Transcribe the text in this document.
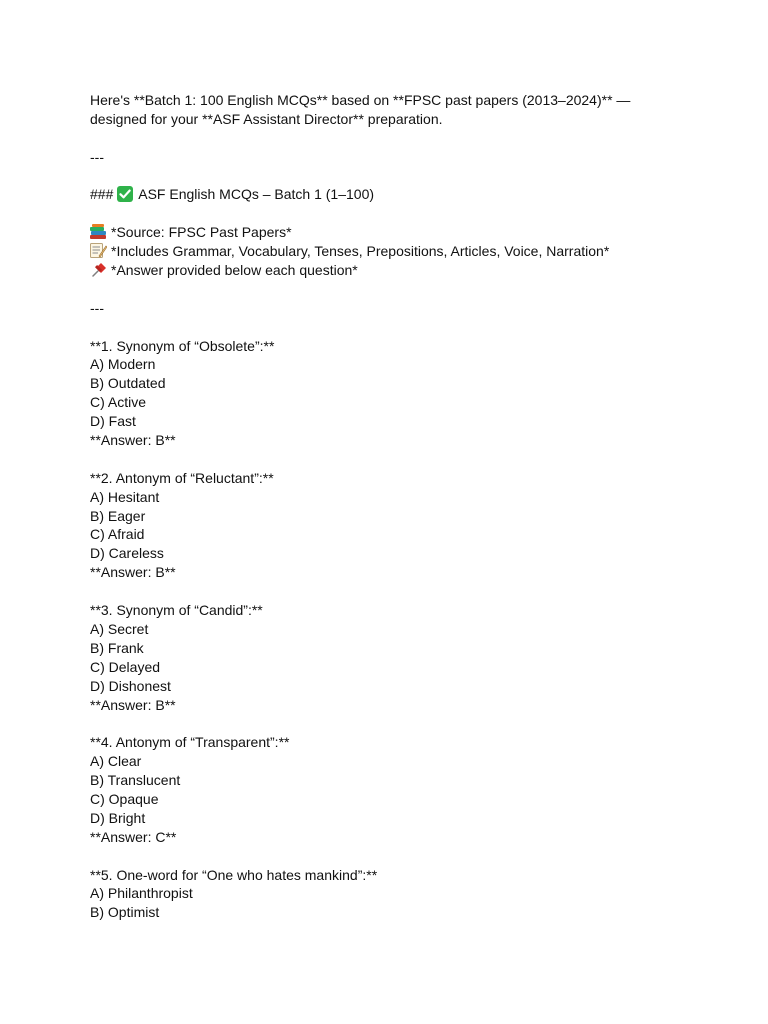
Here's **Batch 1: 100 English MCQs** based on **FPSC past papers (2013–2024)** —
designed for your **ASF Assistant Director** preparation.
---
### ASF English MCQs – Batch 1 (1–100)
*Source: FPSC Past Papers*
*Includes Grammar, Vocabulary, Tenses, Prepositions, Articles, Voice, Narration*
*Answer provided below each question*
---
**1. Synonym of “Obsolete”:**
A) Modern
B) Outdated
C) Active
D) Fast
**Answer: B**
**2. Antonym of “Reluctant”:**
A) Hesitant
B) Eager
C) Afraid
D) Careless
**Answer: B**
**3. Synonym of “Candid”:**
A) Secret
B) Frank
C) Delayed
D) Dishonest
**Answer: B**
**4. Antonym of “Transparent”:**
A) Clear
B) Translucent
C) Opaque
D) Bright
**Answer: C**
**5. One-word for “One who hates mankind”:**
A) Philanthropist
B) Optimist
